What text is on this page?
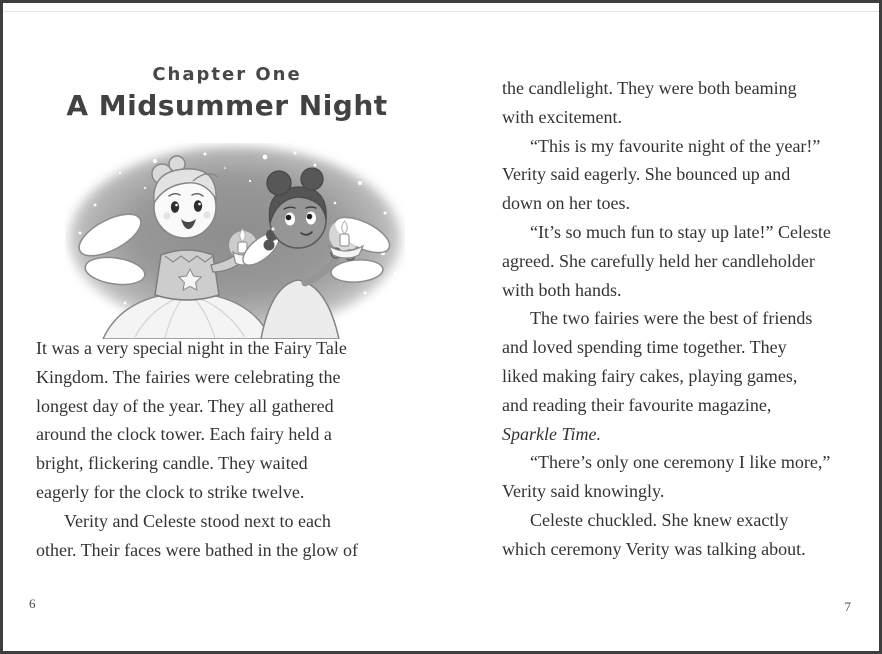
Chapter One
A Midsummer Night
It was a very special night in the Fairy Tale
Kingdom. The fairies were celebrating the
longest day of the year. They all gathered
around the clock tower. Each fairy held a
bright, flickering candle. They waited
eagerly for the clock to strike twelve.
Verity and Celeste stood next to each
other. Their faces were bathed in the glow of
6
the candlelight. They were both beaming
with excitement.
“This is my favourite night of the year!”
Verity said eagerly. She bounced up and
down on her toes.
“It’s so much fun to stay up late!” Celeste
agreed. She carefully held her candleholder
with both hands.
The two fairies were the best of friends
and loved spending time together. They
liked making fairy cakes, playing games,
and reading their favourite magazine,
Sparkle Time.
“There’s only one ceremony I like more,”
Verity said knowingly.
Celeste chuckled. She knew exactly
which ceremony Verity was talking about.
7
